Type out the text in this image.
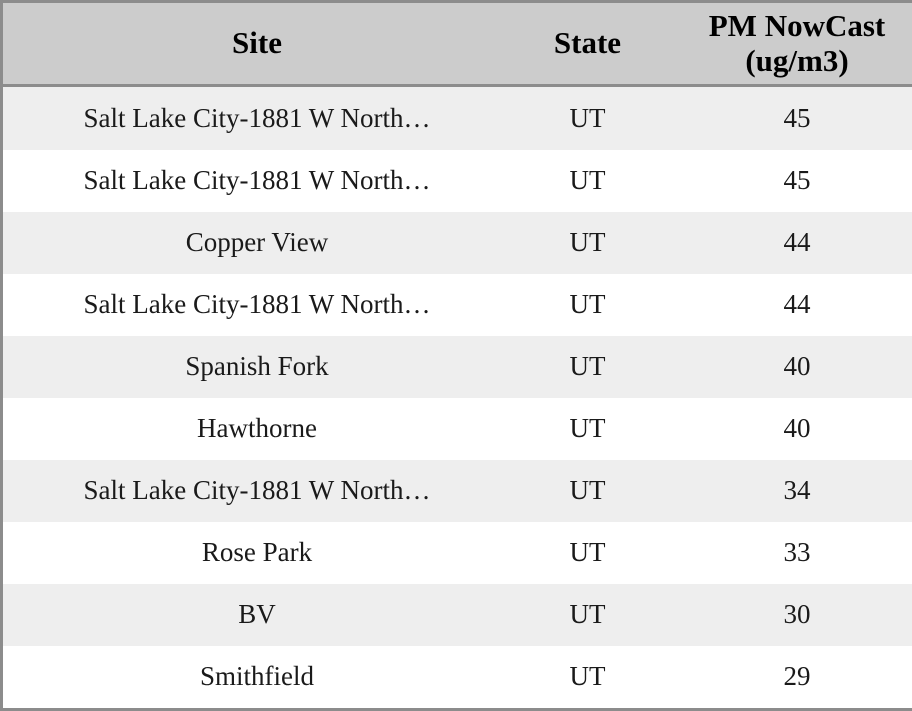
Site	State	PM NowCast (ug/m3)
Salt Lake City-1881 W North…	UT	45
Salt Lake City-1881 W North…	UT	45
Copper View	UT	44
Salt Lake City-1881 W North…	UT	44
Spanish Fork	UT	40
Hawthorne	UT	40
Salt Lake City-1881 W North…	UT	34
Rose Park	UT	33
BV	UT	30
Smithfield	UT	29
